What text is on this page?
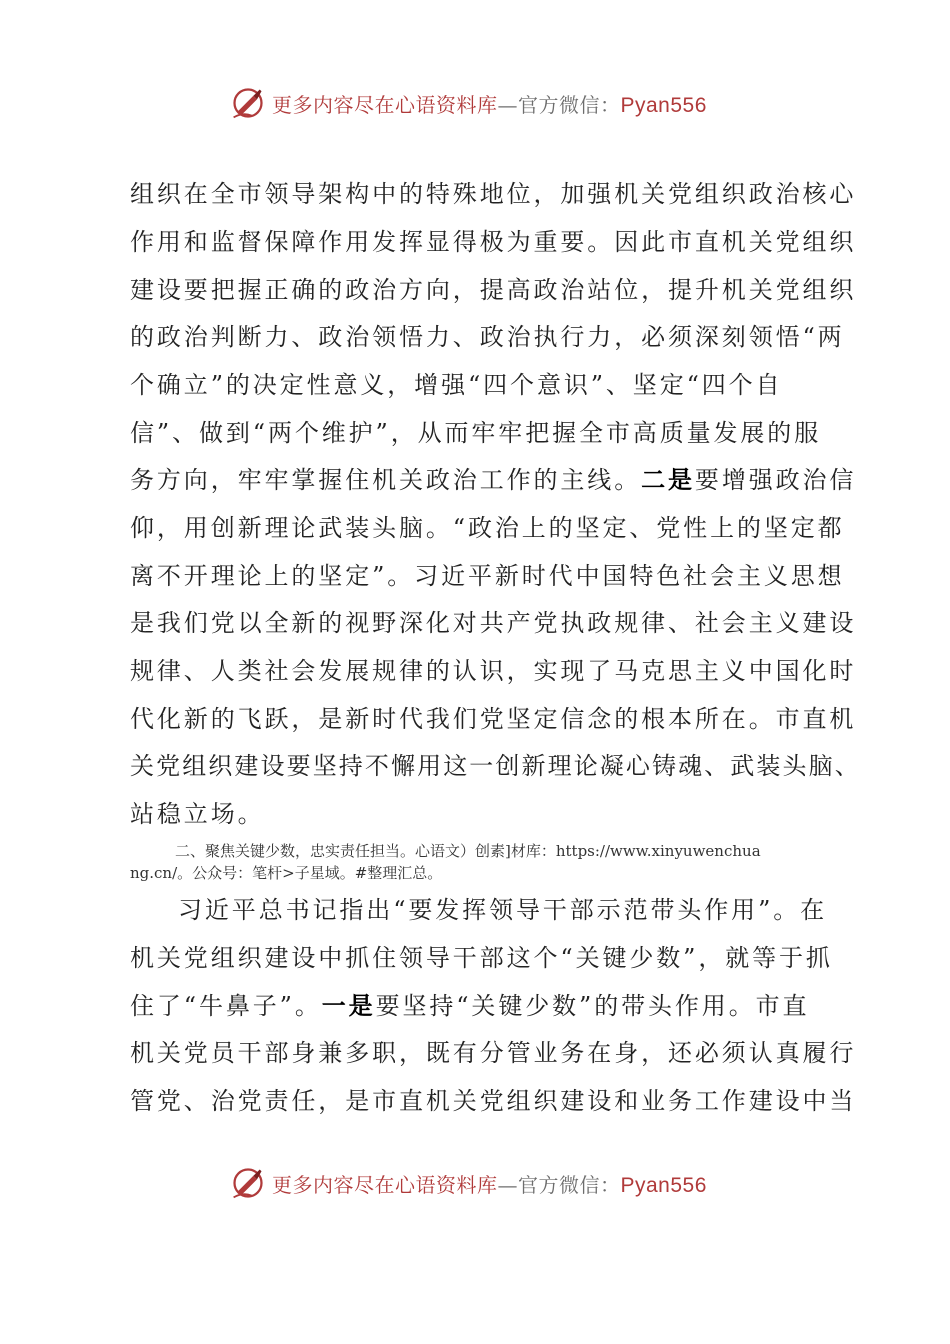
更多内容尽在心语资料库—官方微信：Pyan556
组织在全市领导架构中的特殊地位，加强机关党组织政治核心
作用和监督保障作用发挥显得极为重要。因此市直机关党组织
建设要把握正确的政治方向，提高政治站位，提升机关党组织
的政治判断力、政治领悟力、政治执行力，必须深刻领悟“两
个确立”的决定性意义，增强“四个意识”、坚定“四个自
信”、做到“两个维护”，从而牢牢把握全市高质量发展的服
务方向，牢牢掌握住机关政治工作的主线。二是要增强政治信
仰，用创新理论武装头脑。“政治上的坚定、党性上的坚定都
离不开理论上的坚定”。习近平新时代中国特色社会主义思想
是我们党以全新的视野深化对共产党执政规律、社会主义建设
规律、人类社会发展规律的认识，实现了马克思主义中国化时
代化新的飞跃，是新时代我们党坚定信念的根本所在。市直机
关党组织建设要坚持不懈用这一创新理论凝心铸魂、武装头脑、
站稳立场。
二、聚焦关键少数，忠实责任担当。心语文）创素]材库：https://www.xinyuwenchua
ng.cn/。公众号：笔杆>子星域。#整理汇总。
习近平总书记指出“要发挥领导干部示范带头作用”。在
机关党组织建设中抓住领导干部这个“关键少数”，就等于抓
住了“牛鼻子”。一是要坚持“关键少数”的带头作用。市直
机关党员干部身兼多职，既有分管业务在身，还必须认真履行
管党、治党责任，是市直机关党组织建设和业务工作建设中当
更多内容尽在心语资料库—官方微信：Pyan556
